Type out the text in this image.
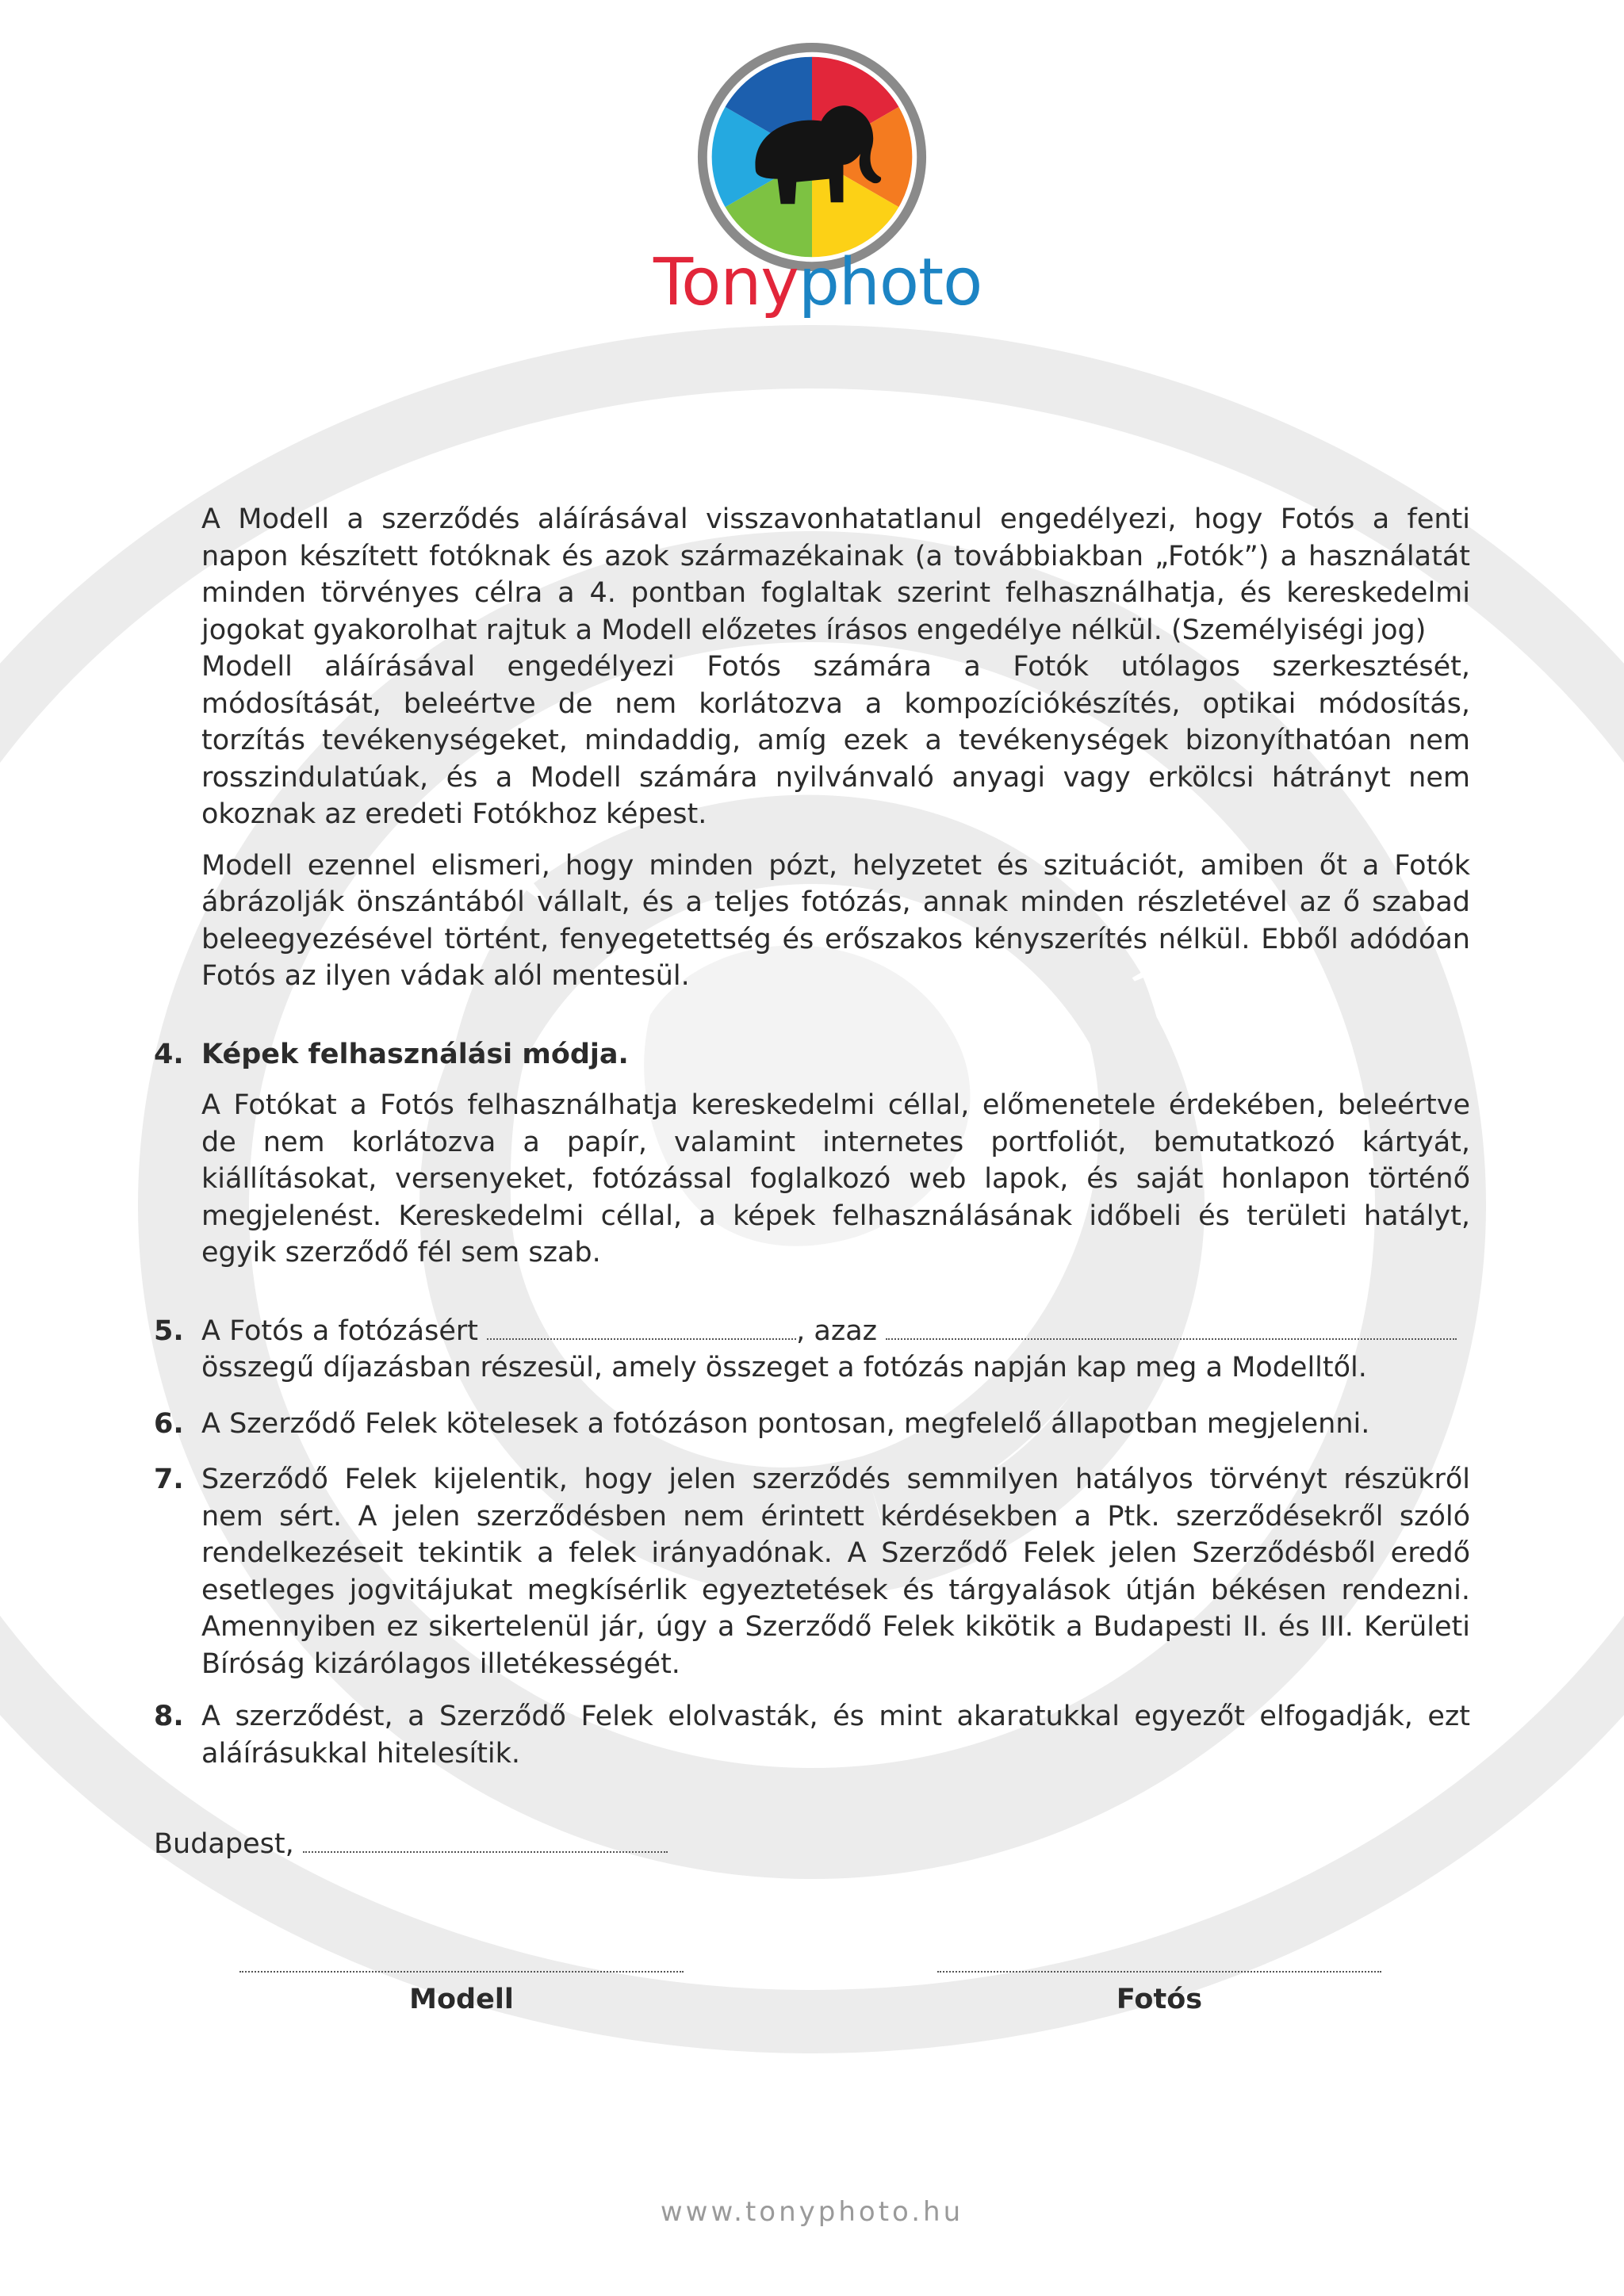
Tonyphoto

A Modell a szerződés aláírásával visszavonhatatlanul engedélyezi, hogy Fotós a fenti napon készített fotóknak és azok származékainak (a továbbiakban „Fotók”) a használatát minden törvényes célra a 4. pontban foglaltak szerint felhasználhatja, és kereskedelmi jogokat gyakorolhat rajtuk a Modell előzetes írásos engedélye nélkül. (Személyiségi jog)

Modell aláírásával engedélyezi Fotós számára a Fotók utólagos szerkesztését, módosítását, beleértve de nem korlátozva a kompozíciókészítés, optikai módosítás, torzítás tevékenységeket, mindaddig, amíg ezek a tevékenységek bizonyíthatóan nem rosszindulatúak, és a Modell számára nyilvánvaló anyagi vagy erkölcsi hátrányt nem okoznak az eredeti Fotókhoz képest.

Modell ezennel elismeri, hogy minden pózt, helyzetet és szituációt, amiben őt a Fotók ábrázolják önszántából vállalt, és a teljes fotózás, annak minden részletével az ő szabad beleegyezésével történt, fenyegetettség és erőszakos kényszerítés nélkül. Ebből adódóan Fotós az ilyen vádak alól mentesül.

4. Képek felhasználási módja.

A Fotókat a Fotós felhasználhatja kereskedelmi céllal, előmenetele érdekében, beleértve de nem korlátozva a papír, valamint internetes portfoliót, bemutatkozó kártyát, kiállításokat, versenyeket, fotózással foglalkozó web lapok, és saját honlapon történő megjelenést. Kereskedelmi céllal, a képek felhasználásának időbeli és területi hatályt, egyik szerződő fél sem szab.

5. A Fotós a fotózásért	, azaz
összegű díjazásban részesül, amely összeget a fotózás napján kap meg a Modelltől.
6. A Szerződő Felek kötelesek a fotózáson pontosan, megfelelő állapotban megjelenni.

7. Szerződő Felek kijelentik, hogy jelen szerződés semmilyen hatályos törvényt részükről nem sért. A jelen szerződésben nem érintett kérdésekben a Ptk. szerződésekről szóló rendelkezéseit tekintik a felek irányadónak. A Szerződő Felek jelen Szerződésből eredő esetleges jogvitájukat megkísérlik egyeztetések és tárgyalások útján békésen rendezni. Amennyiben ez sikertelenül jár, úgy a Szerződő Felek kikötik a Budapesti II. és III. Kerületi Bíróság kizárólagos illetékességét.

8. A szerződést, a Szerződő Felek elolvasták, és mint akaratukkal egyezőt elfogadják, ezt aláírásukkal hitelesítik.

Budapest,
Modell	Fotós
www.tonyphoto.hu
